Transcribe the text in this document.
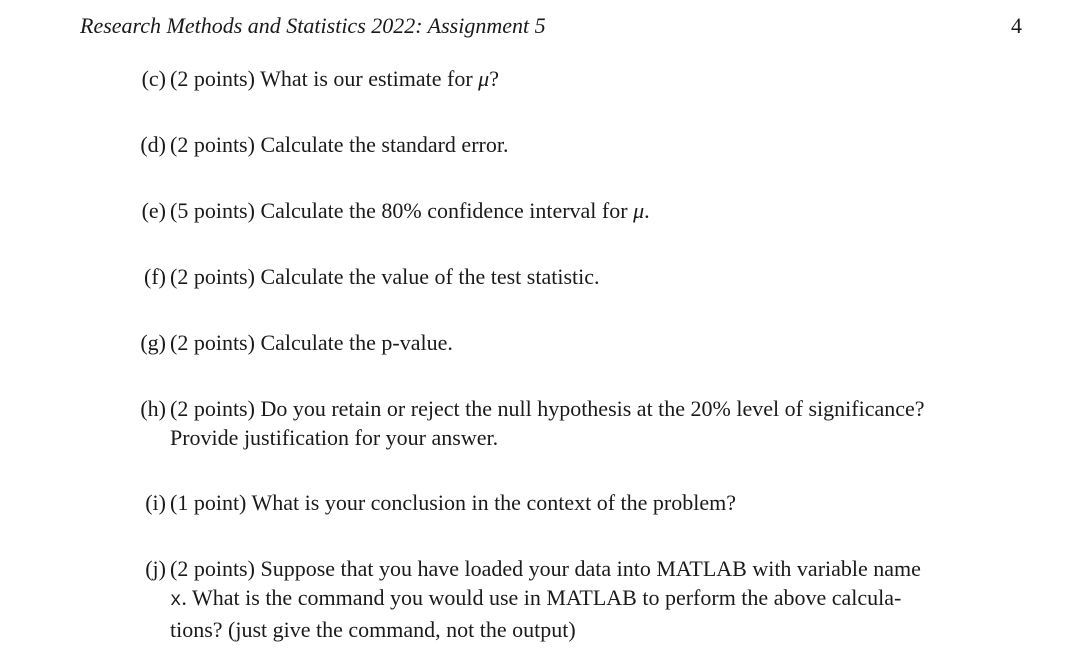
Research Methods and Statistics 2022: Assignment 5	4
(c) (2 points) What is our estimate for μ?
(d) (2 points) Calculate the standard error.
(e) (5 points) Calculate the 80% confidence interval for μ.
(f) (2 points) Calculate the value of the test statistic.
(g) (2 points) Calculate the p-value.
(h) (2 points) Do you retain or reject the null hypothesis at the 20% level of significance?
Provide justification for your answer.
(i) (1 point) What is your conclusion in the context of the problem?
(j) (2 points) Suppose that you have loaded your data into MATLAB with variable name
x. What is the command you would use in MATLAB to perform the above calcula-
tions? (just give the command, not the output)
